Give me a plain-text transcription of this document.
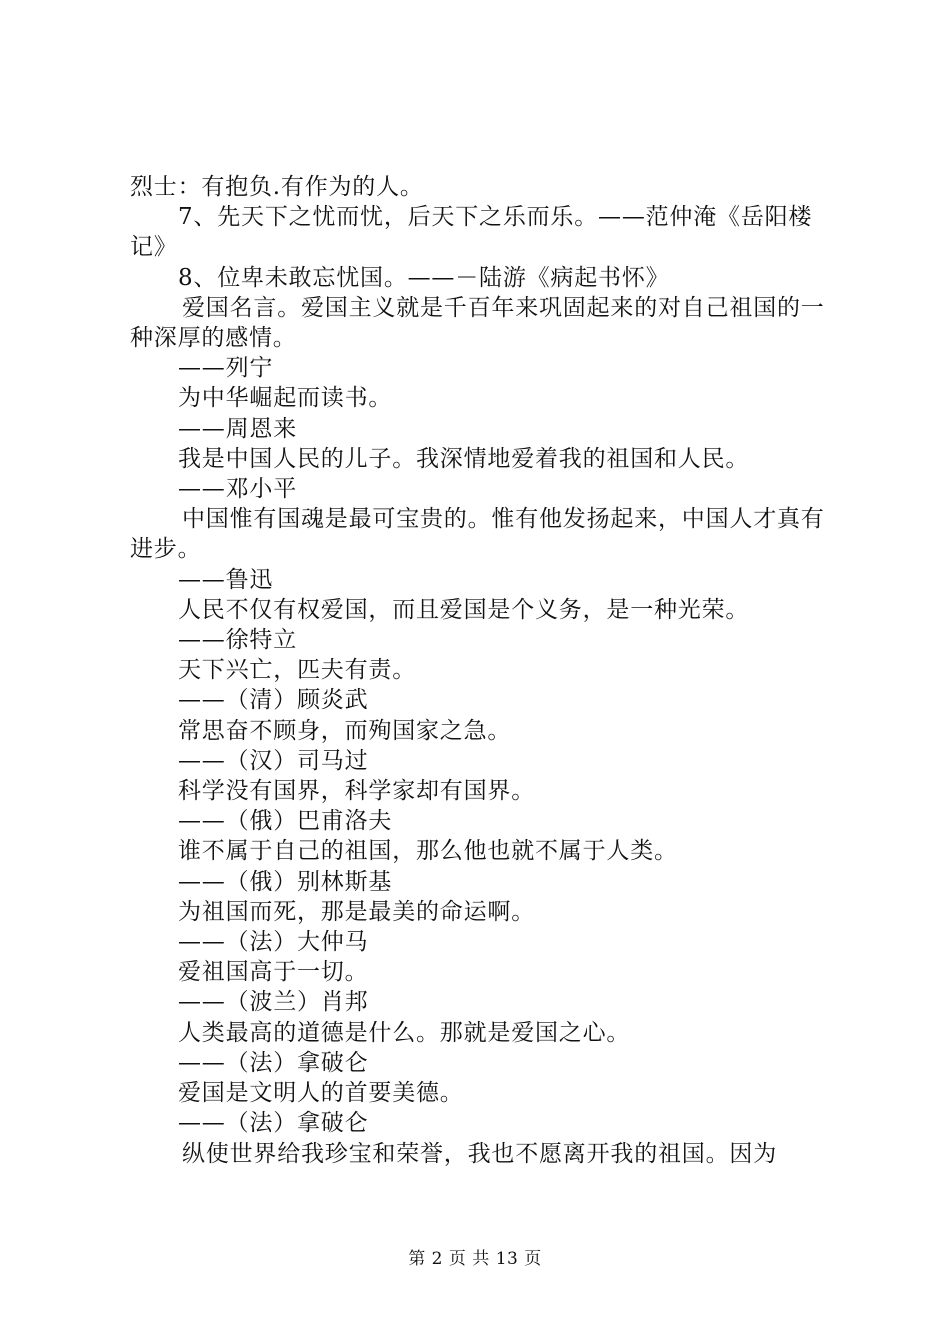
烈士：有抱负.有作为的人。

7、先天下之忧而忧，后天下之乐而乐。——范仲淹《岳阳楼记》

8、位卑未敢忘忧国。——－陆游《病起书怀》

爱国名言。爱国主义就是千百年来巩固起来的对自己祖国的一种深厚的感情。

——列宁

为中华崛起而读书。

——周恩来

我是中国人民的儿子。我深情地爱着我的祖国和人民。

——邓小平

中国惟有国魂是最可宝贵的。惟有他发扬起来，中国人才真有进步。

——鲁迅

人民不仅有权爱国，而且爱国是个义务，是一种光荣。

——徐特立

天下兴亡，匹夫有责。

——（清）顾炎武

常思奋不顾身，而殉国家之急。

——（汉）司马过

科学没有国界，科学家却有国界。

——（俄）巴甫洛夫

谁不属于自己的祖国，那么他也就不属于人类。

——（俄）别林斯基

为祖国而死，那是最美的命运啊。

——（法）大仲马

爱祖国高于一切。

——（波兰）肖邦

人类最高的道德是什么。那就是爱国之心。

——（法）拿破仑

爱国是文明人的首要美德。

——（法）拿破仑

纵使世界给我珍宝和荣誉，我也不愿离开我的祖国。因为

第 2 页 共 13 页
